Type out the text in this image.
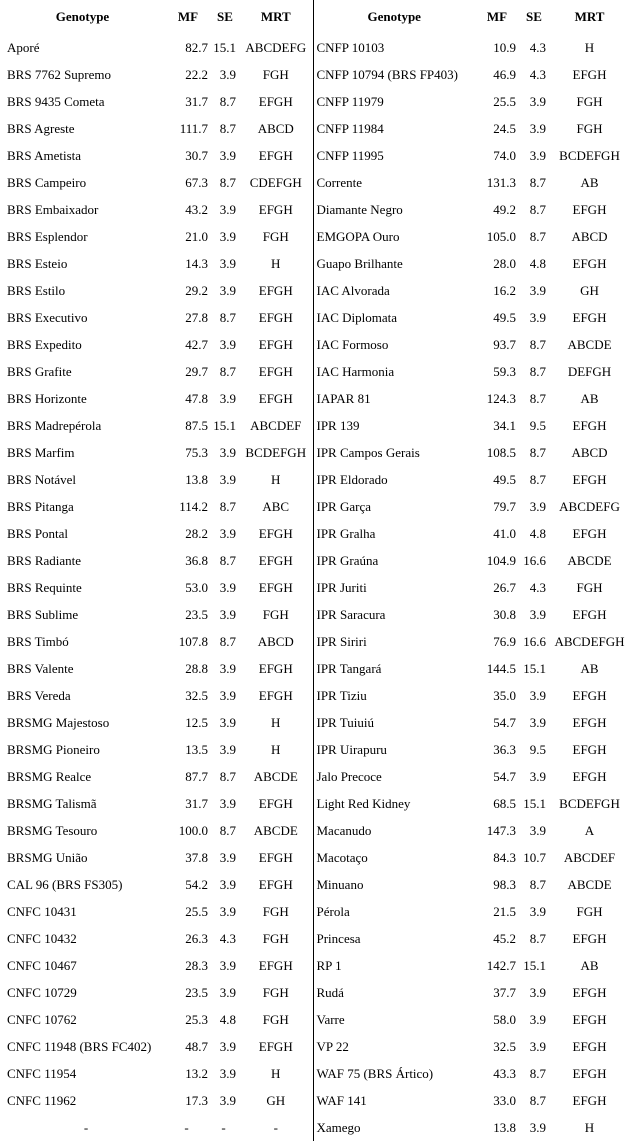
Genotype	MF	SE	MRT	Genotype	MF	SE	MRT
Aporé	82.7	15.1	ABCDEFG	CNFP 10103	10.9	4.3	H
BRS 7762 Supremo	22.2	3.9	FGH	CNFP 10794 (BRS FP403)	46.9	4.3	EFGH
BRS 9435 Cometa	31.7	8.7	EFGH	CNFP 11979	25.5	3.9	FGH
BRS Agreste	111.7	8.7	ABCD	CNFP 11984	24.5	3.9	FGH
BRS Ametista	30.7	3.9	EFGH	CNFP 11995	74.0	3.9	BCDEFGH
BRS Campeiro	67.3	8.7	CDEFGH	Corrente	131.3	8.7	AB
BRS Embaixador	43.2	3.9	EFGH	Diamante Negro	49.2	8.7	EFGH
BRS Esplendor	21.0	3.9	FGH	EMGOPA Ouro	105.0	8.7	ABCD
BRS Esteio	14.3	3.9	H	Guapo Brilhante	28.0	4.8	EFGH
BRS Estilo	29.2	3.9	EFGH	IAC Alvorada	16.2	3.9	GH
BRS Executivo	27.8	8.7	EFGH	IAC Diplomata	49.5	3.9	EFGH
BRS Expedito	42.7	3.9	EFGH	IAC Formoso	93.7	8.7	ABCDE
BRS Grafite	29.7	8.7	EFGH	IAC Harmonia	59.3	8.7	DEFGH
BRS Horizonte	47.8	3.9	EFGH	IAPAR 81	124.3	8.7	AB
BRS Madrepérola	87.5	15.1	ABCDEF	IPR 139	34.1	9.5	EFGH
BRS Marfim	75.3	3.9	BCDEFGH	IPR Campos Gerais	108.5	8.7	ABCD
BRS Notável	13.8	3.9	H	IPR Eldorado	49.5	8.7	EFGH
BRS Pitanga	114.2	8.7	ABC	IPR Garça	79.7	3.9	ABCDEFG
BRS Pontal	28.2	3.9	EFGH	IPR Gralha	41.0	4.8	EFGH
BRS Radiante	36.8	8.7	EFGH	IPR Graúna	104.9	16.6	ABCDE
BRS Requinte	53.0	3.9	EFGH	IPR Juriti	26.7	4.3	FGH
BRS Sublime	23.5	3.9	FGH	IPR Saracura	30.8	3.9	EFGH
BRS Timbó	107.8	8.7	ABCD	IPR Siriri	76.9	16.6	ABCDEFGH
BRS Valente	28.8	3.9	EFGH	IPR Tangará	144.5	15.1	AB
BRS Vereda	32.5	3.9	EFGH	IPR Tiziu	35.0	3.9	EFGH
BRSMG Majestoso	12.5	3.9	H	IPR Tuiuiú	54.7	3.9	EFGH
BRSMG Pioneiro	13.5	3.9	H	IPR Uirapuru	36.3	9.5	EFGH
BRSMG Realce	87.7	8.7	ABCDE	Jalo Precoce	54.7	3.9	EFGH
BRSMG Talismã	31.7	3.9	EFGH	Light Red Kidney	68.5	15.1	BCDEFGH
BRSMG Tesouro	100.0	8.7	ABCDE	Macanudo	147.3	3.9	A
BRSMG União	37.8	3.9	EFGH	Macotaço	84.3	10.7	ABCDEF
CAL 96 (BRS FS305)	54.2	3.9	EFGH	Minuano	98.3	8.7	ABCDE
CNFC 10431	25.5	3.9	FGH	Pérola	21.5	3.9	FGH
CNFC 10432	26.3	4.3	FGH	Princesa	45.2	8.7	EFGH
CNFC 10467	28.3	3.9	EFGH	RP 1	142.7	15.1	AB
CNFC 10729	23.5	3.9	FGH	Rudá	37.7	3.9	EFGH
CNFC 10762	25.3	4.8	FGH	Varre	58.0	3.9	EFGH
CNFC 11948 (BRS FC402)	48.7	3.9	EFGH	VP 22	32.5	3.9	EFGH
CNFC 11954	13.2	3.9	H	WAF 75 (BRS Ártico)	43.3	8.7	EFGH
CNFC 11962	17.3	3.9	GH	WAF 141	33.0	8.7	EFGH
-	-	-	-	Xamego	13.8	3.9	H
